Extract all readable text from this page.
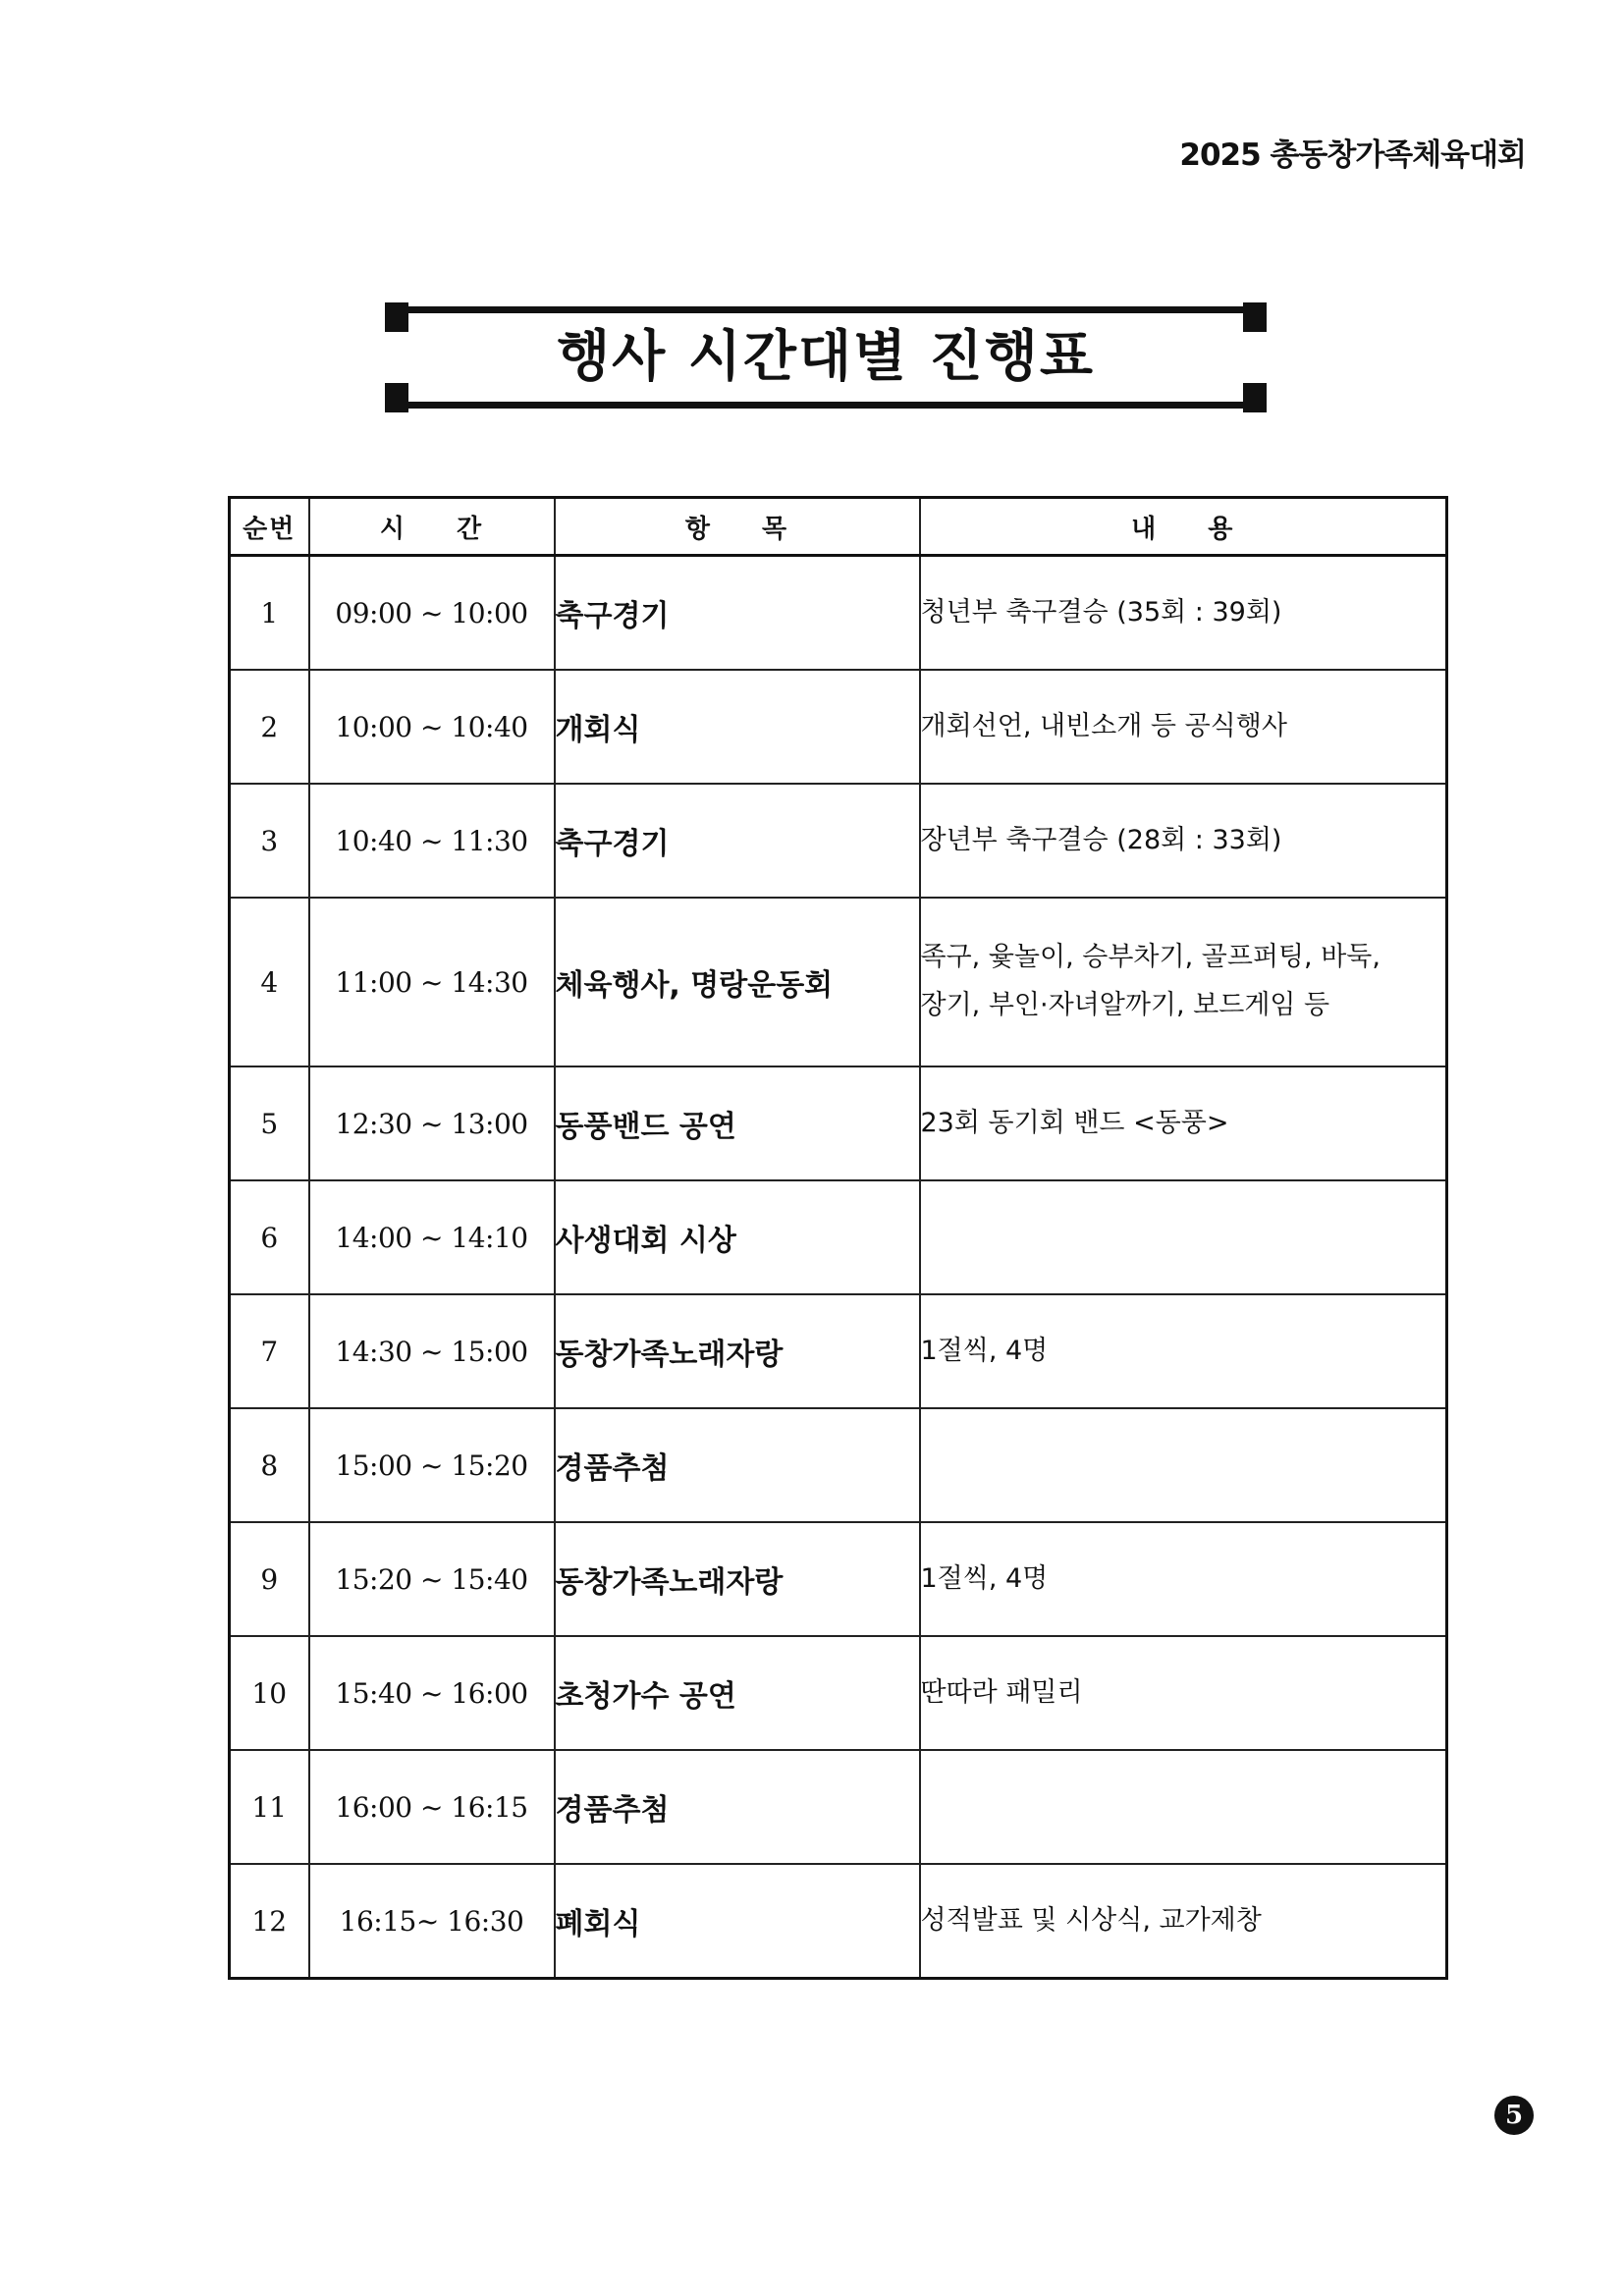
2025 총동창가족체육대회
행사 시간대별 진행표
순번	시 간	항 목	내 용
1	09:00 ~ 10:00	축구경기	청년부 축구결승 (35회 : 39회)
2	10:00 ~ 10:40	개회식	개회선언, 내빈소개 등 공식행사
3	10:40 ~ 11:30	축구경기	장년부 축구결승 (28회 : 33회)
4	11:00 ~ 14:30	체육행사, 명랑운동회	족구, 윷놀이, 승부차기, 골프퍼팅, 바둑,
장기, 부인·자녀알까기, 보드게임 등

5	12:30 ~ 13:00	동풍밴드 공연	23회 동기회 밴드 <동풍>
6	14:00 ~ 14:10	사생대회 시상	
7	14:30 ~ 15:00	동창가족노래자랑	1절씩, 4명
8	15:00 ~ 15:20	경품추첨	
9	15:20 ~ 15:40	동창가족노래자랑	1절씩, 4명
10	15:40 ~ 16:00	초청가수 공연	딴따라 패밀리
11	16:00 ~ 16:15	경품추첨	
12	16:15~ 16:30	폐회식	성적발표 및 시상식, 교가제창
5
